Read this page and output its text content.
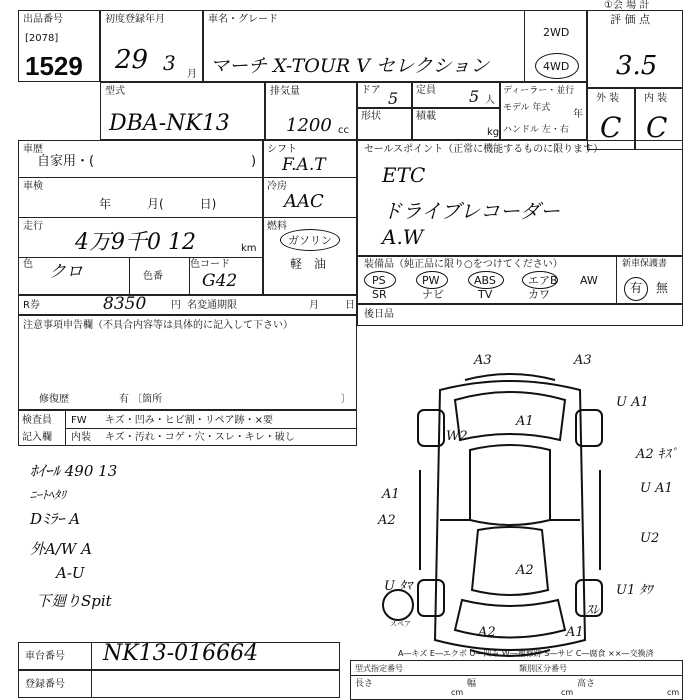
出品番号
[2078]
1529
初度登録年月
29 3 月
車名・グレード
マーチ X-TOUR V セレクション
2WD
4WD
評 価 点
3.5
①会 場 計
外 装
C
内 装
C
型式
DBA-NK13
排気量
1200 cc
ドア 5 定員 5 人
ディーラー・並行
モデル 年式
年
ハンドル 左・右
形状	積載
kg
車歴
自家用・(	)
車検
年　　　月(　　　日)
走行
4万9千0 12	km
色 クロ	色番
色コード
G42
シフト
F.A.T
冷房
AAC
燃料
ガソリン
軽　油
セールスポイント（正常に機能するものに限ります）
ETC
ドライブレコーダー
A.W
装備品（純正品に限り○をつけてください）	新車保護書
PS	PW	ABS	エアB AW
SR	ナビ	TV	カワ	有 無
R券	8350 円 名変通期限	月	日
後日品
注意事項申告欄（不具合内容等は具体的に記入して下さい）
修復歴	有 〔箇所	〕
検査員
記入欄
FW キズ・凹み・ヒビ割・リペア跡・×要
内装 キズ・汚れ・コゲ・穴・スレ・キレ・破し
ﾎｲｰﾙ 490 13
ﾆｰﾄﾍﾀﾘ
Dﾐﾗｰ A
外A/W A
A-U
下廻りSpit
A3	A3
A1
W2
U A1
A2 ｷｽﾞ
U A1
A1
A2
U2
A2
U1 ﾀﾜ
U ﾀﾏ
ｽﾚ
A2	A1
スペア
A―キズ E―エクボ U―凹み W―補修跡 S―サビ C―腐食 ××―交換済
車台番号 NK13-016664
登録番号
型式指定番号	類別区分番号
長さ
cm
幅
cm
高さ
cm
